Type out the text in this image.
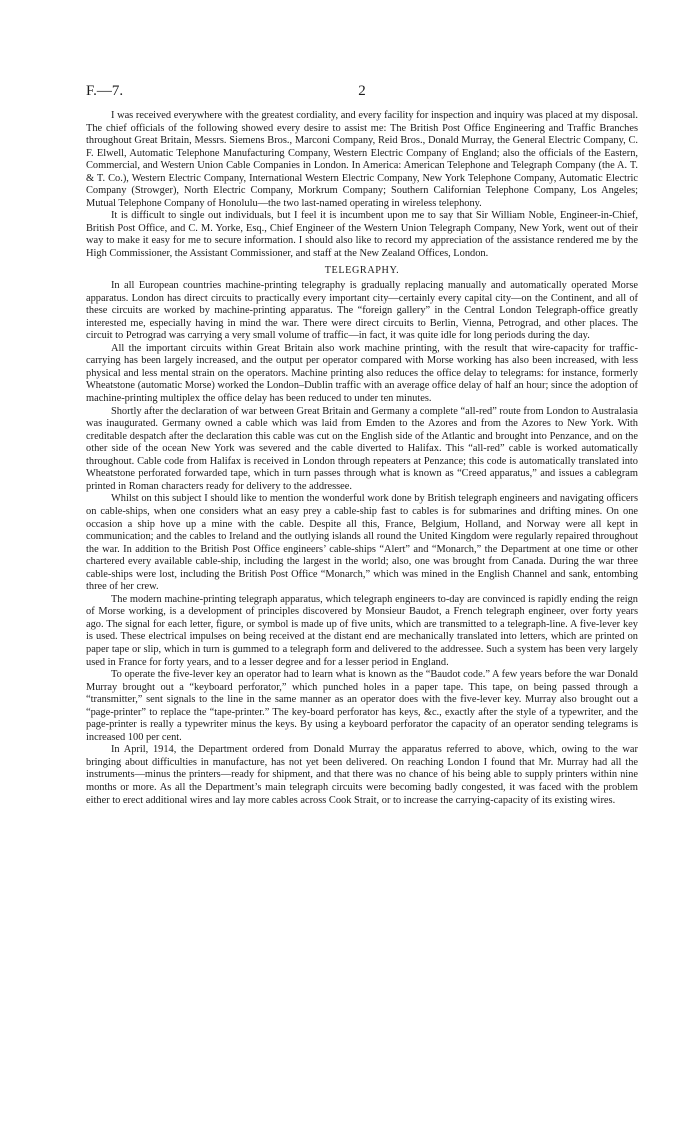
F.—7.	2

I was received everywhere with the greatest cordiality, and every facility for inspection and inquiry was placed at my disposal. The chief officials of the following showed every desire to assist me: The British Post Office Engineering and Traffic Branches throughout Great Britain, Messrs. Siemens Bros., Marconi Company, Reid Bros., Donald Murray, the General Electric Company, C. F. Elwell, Automatic Telephone Manufacturing Company, Western Electric Company of England; also the officials of the Eastern, Commercial, and Western Union Cable Companies in London. In America: American Telephone and Telegraph Company (the A. T. & T. Co.), Western Electric Company, International Western Electric Company, New York Telephone Company, Automatic Electric Company (Strowger), North Electric Company, Morkrum Company; Southern Californian Telephone Company, Los Angeles; Mutual Telephone Company of Honolulu—the two last-named operating in wireless telephony.

It is difficult to single out individuals, but I feel it is incumbent upon me to say that Sir William Noble, Engineer-in-Chief, British Post Office, and C. M. Yorke, Esq., Chief Engineer of the Western Union Telegraph Company, New York, went out of their way to make it easy for me to secure information. I should also like to record my appreciation of the assistance rendered me by the High Commissioner, the Assistant Commissioner, and staff at the New Zealand Offices, London.

TELEGRAPHY.

In all European countries machine-printing telegraphy is gradually replacing manually and automatically operated Morse apparatus. London has direct circuits to practically every important city—certainly every capital city—on the Continent, and all of these circuits are worked by machine-printing apparatus. The “foreign gallery” in the Central London Telegraph-office greatly interested me, especially having in mind the war. There were direct circuits to Berlin, Vienna, Petrograd, and other places. The circuit to Petrograd was carrying a very small volume of traffic—in fact, it was quite idle for long periods during the day.

All the important circuits within Great Britain also work machine printing, with the result that wire-capacity for traffic-carrying has been largely increased, and the output per operator compared with Morse working has also been increased, with less physical and less mental strain on the operators. Machine printing also reduces the office delay to telegrams: for instance, formerly Wheatstone (automatic Morse) worked the London–Dublin traffic with an average office delay of half an hour; since the adoption of machine-printing multiplex the office delay has been reduced to under ten minutes.

Shortly after the declaration of war between Great Britain and Germany a complete “all-red” route from London to Australasia was inaugurated. Germany owned a cable which was laid from Emden to the Azores and from the Azores to New York. With creditable despatch after the declaration this cable was cut on the English side of the Atlantic and brought into Penzance, and on the other side of the ocean New York was severed and the cable diverted to Halifax. This “all-red” cable is worked automatically throughout. Cable code from Halifax is received in London through repeaters at Penzance; this code is automatically translated into Wheatstone perforated forwarded tape, which in turn passes through what is known as “Creed apparatus,” and issues a cablegram printed in Roman characters ready for delivery to the addressee.

Whilst on this subject I should like to mention the wonderful work done by British telegraph engineers and navigating officers on cable-ships, when one considers what an easy prey a cable-ship fast to cables is for submarines and drifting mines. On one occasion a ship hove up a mine with the cable. Despite all this, France, Belgium, Holland, and Norway were all kept in communication; and the cables to Ireland and the outlying islands all round the United Kingdom were regularly repaired throughout the war. In addition to the British Post Office engineers’ cable-ships “Alert” and “Monarch,” the Department at one time or other chartered every available cable-ship, including the largest in the world; also, one was brought from Canada. During the war three cable-ships were lost, including the British Post Office “Monarch,” which was mined in the English Channel and sank, entombing three of her crew.

The modern machine-printing telegraph apparatus, which telegraph engineers to-day are convinced is rapidly ending the reign of Morse working, is a development of principles discovered by Monsieur Baudot, a French telegraph engineer, over forty years ago. The signal for each letter, figure, or symbol is made up of five units, which are transmitted to a telegraph-line. A five-lever key is used. These electrical impulses on being received at the distant end are mechanically translated into letters, which are printed on paper tape or slip, which in turn is gummed to a telegraph form and delivered to the addressee. Such a system has been very largely used in France for forty years, and to a lesser degree and for a lesser period in England.

To operate the five-lever key an operator had to learn what is known as the “Baudot code.” A few years before the war Donald Murray brought out a “keyboard perforator,” which punched holes in a paper tape. This tape, on being passed through a “transmitter,” sent signals to the line in the same manner as an operator does with the five-lever key. Murray also brought out a “page-printer” to replace the “tape-printer.” The key-board perforator has keys, &c., exactly after the style of a typewriter, and the page-printer is really a typewriter minus the keys. By using a keyboard perforator the capacity of an operator sending telegrams is increased 100 per cent.

In April, 1914, the Department ordered from Donald Murray the apparatus referred to above, which, owing to the war bringing about difficulties in manufacture, has not yet been delivered. On reaching London I found that Mr. Murray had all the instruments—minus the printers—ready for shipment, and that there was no chance of his being able to supply printers within nine months or more. As all the Department’s main telegraph circuits were becoming badly congested, it was faced with the problem either to erect additional wires and lay more cables across Cook Strait, or to increase the carrying-capacity of its existing wires.
